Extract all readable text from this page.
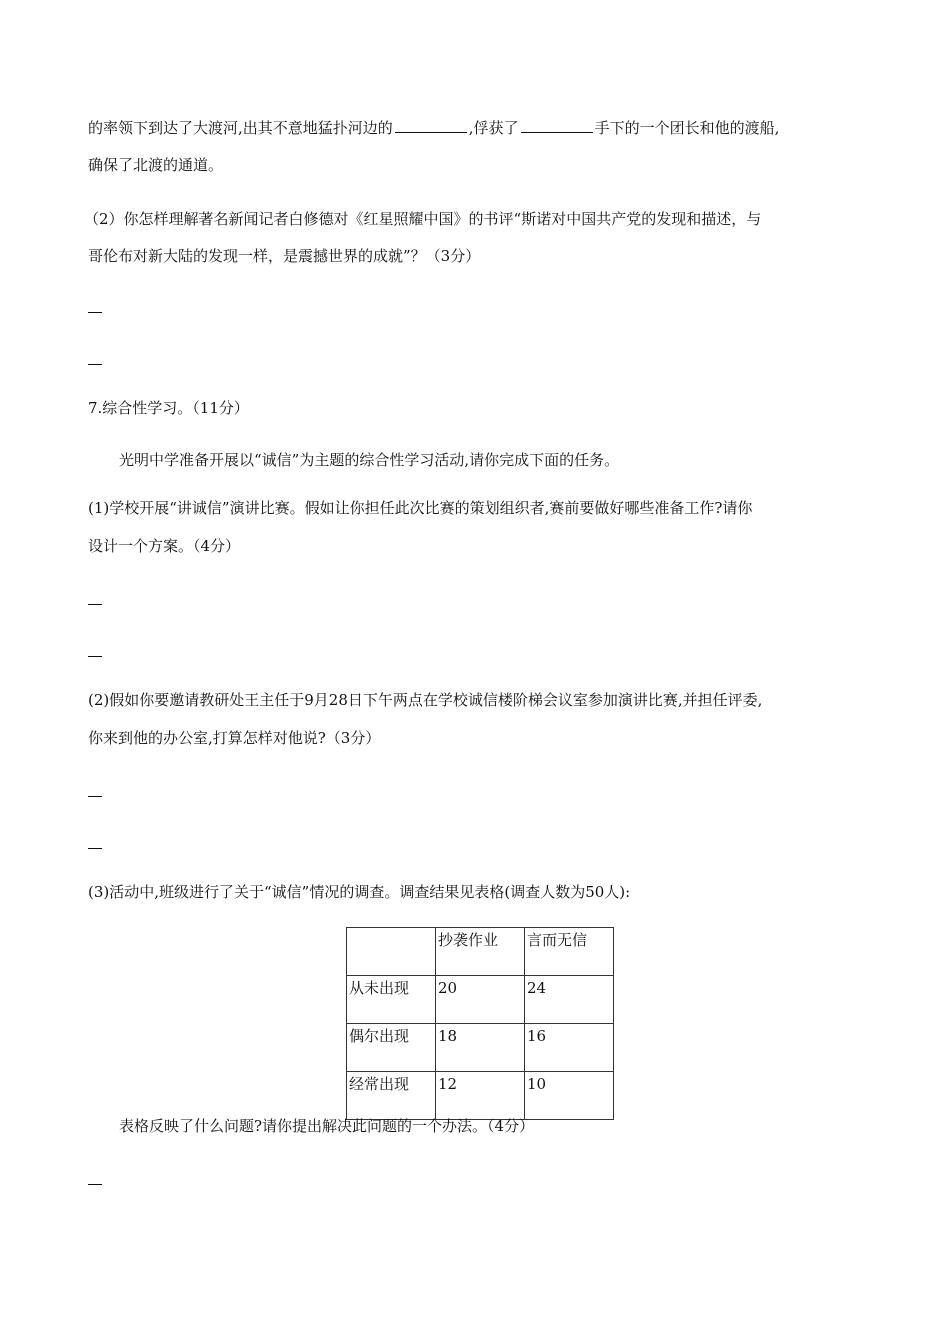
的率领下到达了大渡河,出其不意地猛扑河边的	,俘获了	手下的一个团长和他的渡船,
确保了北渡的通道。
（2）你怎样理解著名新闻记者白修德对《红星照耀中国》的书评“斯诺对中国共产党的发现和描述，与
哥伦布对新大陆的发现一样，是震撼世界的成就”？（3分）
7.综合性学习。（11分）
光明中学准备开展以“诚信”为主题的综合性学习活动,请你完成下面的任务。
(1)学校开展“讲诚信”演讲比赛。假如让你担任此次比赛的策划组织者,赛前要做好哪些准备工作?请你
设计一个方案。（4分）
(2)假如你要邀请教研处王主任于9月28日下午两点在学校诚信楼阶梯会议室参加演讲比赛,并担任评委,
你来到他的办公室,打算怎样对他说?（3分）
(3)活动中,班级进行了关于“诚信”情况的调查。调查结果见表格(调查人数为50人):
	抄袭作业	言而无信
从未出现	20	24
偶尔出现	18	16
经常出现	12	10
表格反映了什么问题?请你提出解决此问题的一个办法。（4分）
